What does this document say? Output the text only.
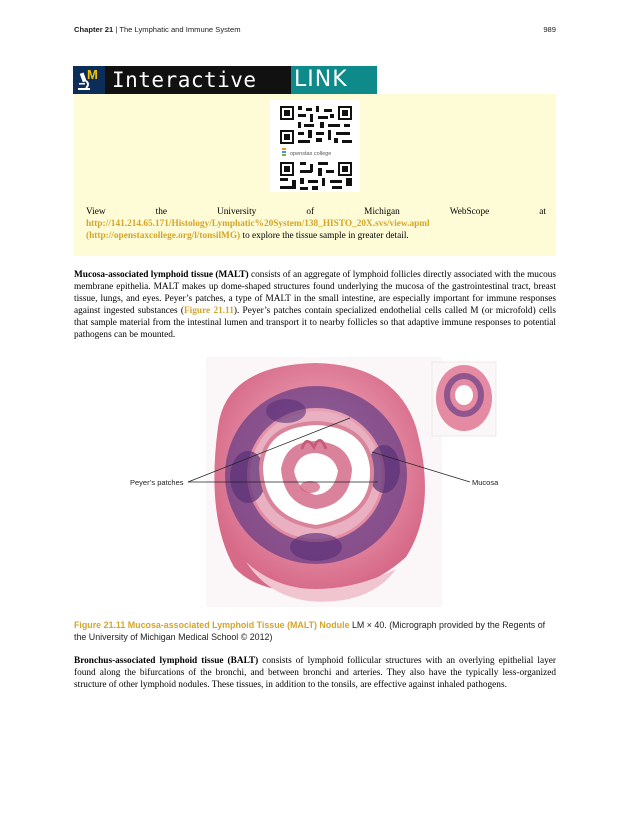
Chapter 21 | The Lymphatic and Immune System	989
M Interactive	LINK
openstax college
View the University of Michigan WebScope at http://141.214.65.171/Histology/Lymphatic%20System/138_HISTO_20X.svs/view.apml (http://openstaxcollege.org/l/tonsilMG) to explore the tissue sample in greater detail.

Mucosa-associated lymphoid tissue (MALT) consists of an aggregate of lymphoid follicles directly associated with the mucous membrane epithelia. MALT makes up dome-shaped structures found underlying the mucosa of the gastrointestinal tract, breast tissue, lungs, and eyes. Peyer’s patches, a type of MALT in the small intestine, are especially important for immune responses against ingested substances (Figure 21.11). Peyer’s patches contain specialized endothelial cells called M (or microfold) cells that sample material from the intestinal lumen and transport it to nearby follicles so that adaptive immune responses to potential pathogens can be mounted.

Peyer’s patches	Mucosa

Figure 21.11 Mucosa-associated Lymphoid Tissue (MALT) Nodule LM × 40. (Micrograph provided by the Regents of the University of Michigan Medical School © 2012)

Bronchus-associated lymphoid tissue (BALT) consists of lymphoid follicular structures with an overlying epithelial layer found along the bifurcations of the bronchi, and between bronchi and arteries. They also have the typically less-organized structure of other lymphoid nodules. These tissues, in addition to the tonsils, are effective against inhaled pathogens.
